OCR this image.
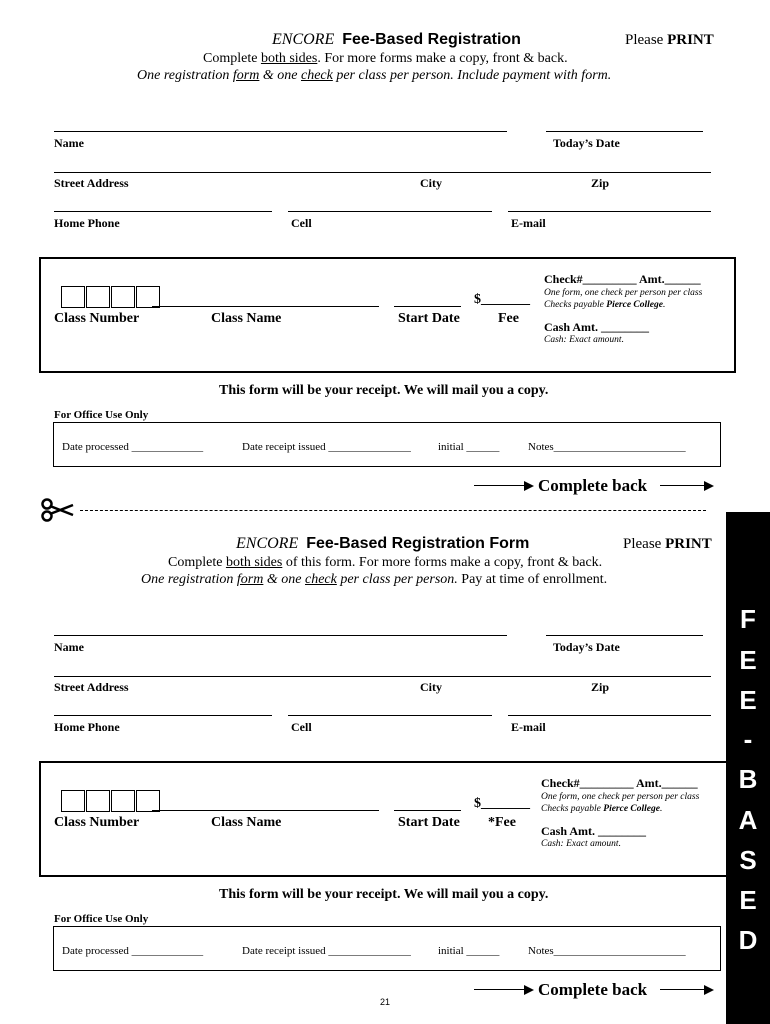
ENCORE Fee-Based Registration	Please PRINT
Complete both sides. For more forms make a copy, front & back.
One registration form & one check per class per person. Include payment with form.
Name	Today’s Date
Street Address	City	Zip
Home Phone	Cell	E-mail
$_______
Check#_________ Amt.______
One form, one check per person per class
Checks payable Pierce College.
Cash Amt. ________
Cash: Exact amount.
Class Number	Class Name	Start Date	Fee
This form will be your receipt. We will mail you a copy.
For Office Use Only
Date processed _____________	Date receipt issued _______________ initial ______	Notes________________________
Complete back
ENCORE Fee-Based Registration Form	Please PRINT
Complete both sides of this form. For more forms make a copy, front & back.
One registration form & one check per class per person. Pay at time of enrollment.
Name	Today’s Date
Street Address	City	Zip
Home Phone	Cell	E-mail
$_______
Check#_________ Amt.______
One form, one check per person per class
Checks payable Pierce College.
Cash Amt. ________
Cash: Exact amount.
Class Number	Class Name	Start Date *Fee
This form will be your receipt. We will mail you a copy.
For Office Use Only
Date processed _____________	Date receipt issued _______________ initial ______	Notes________________________
21
Complete back
F
E
E
-
B
A
S
E
D
